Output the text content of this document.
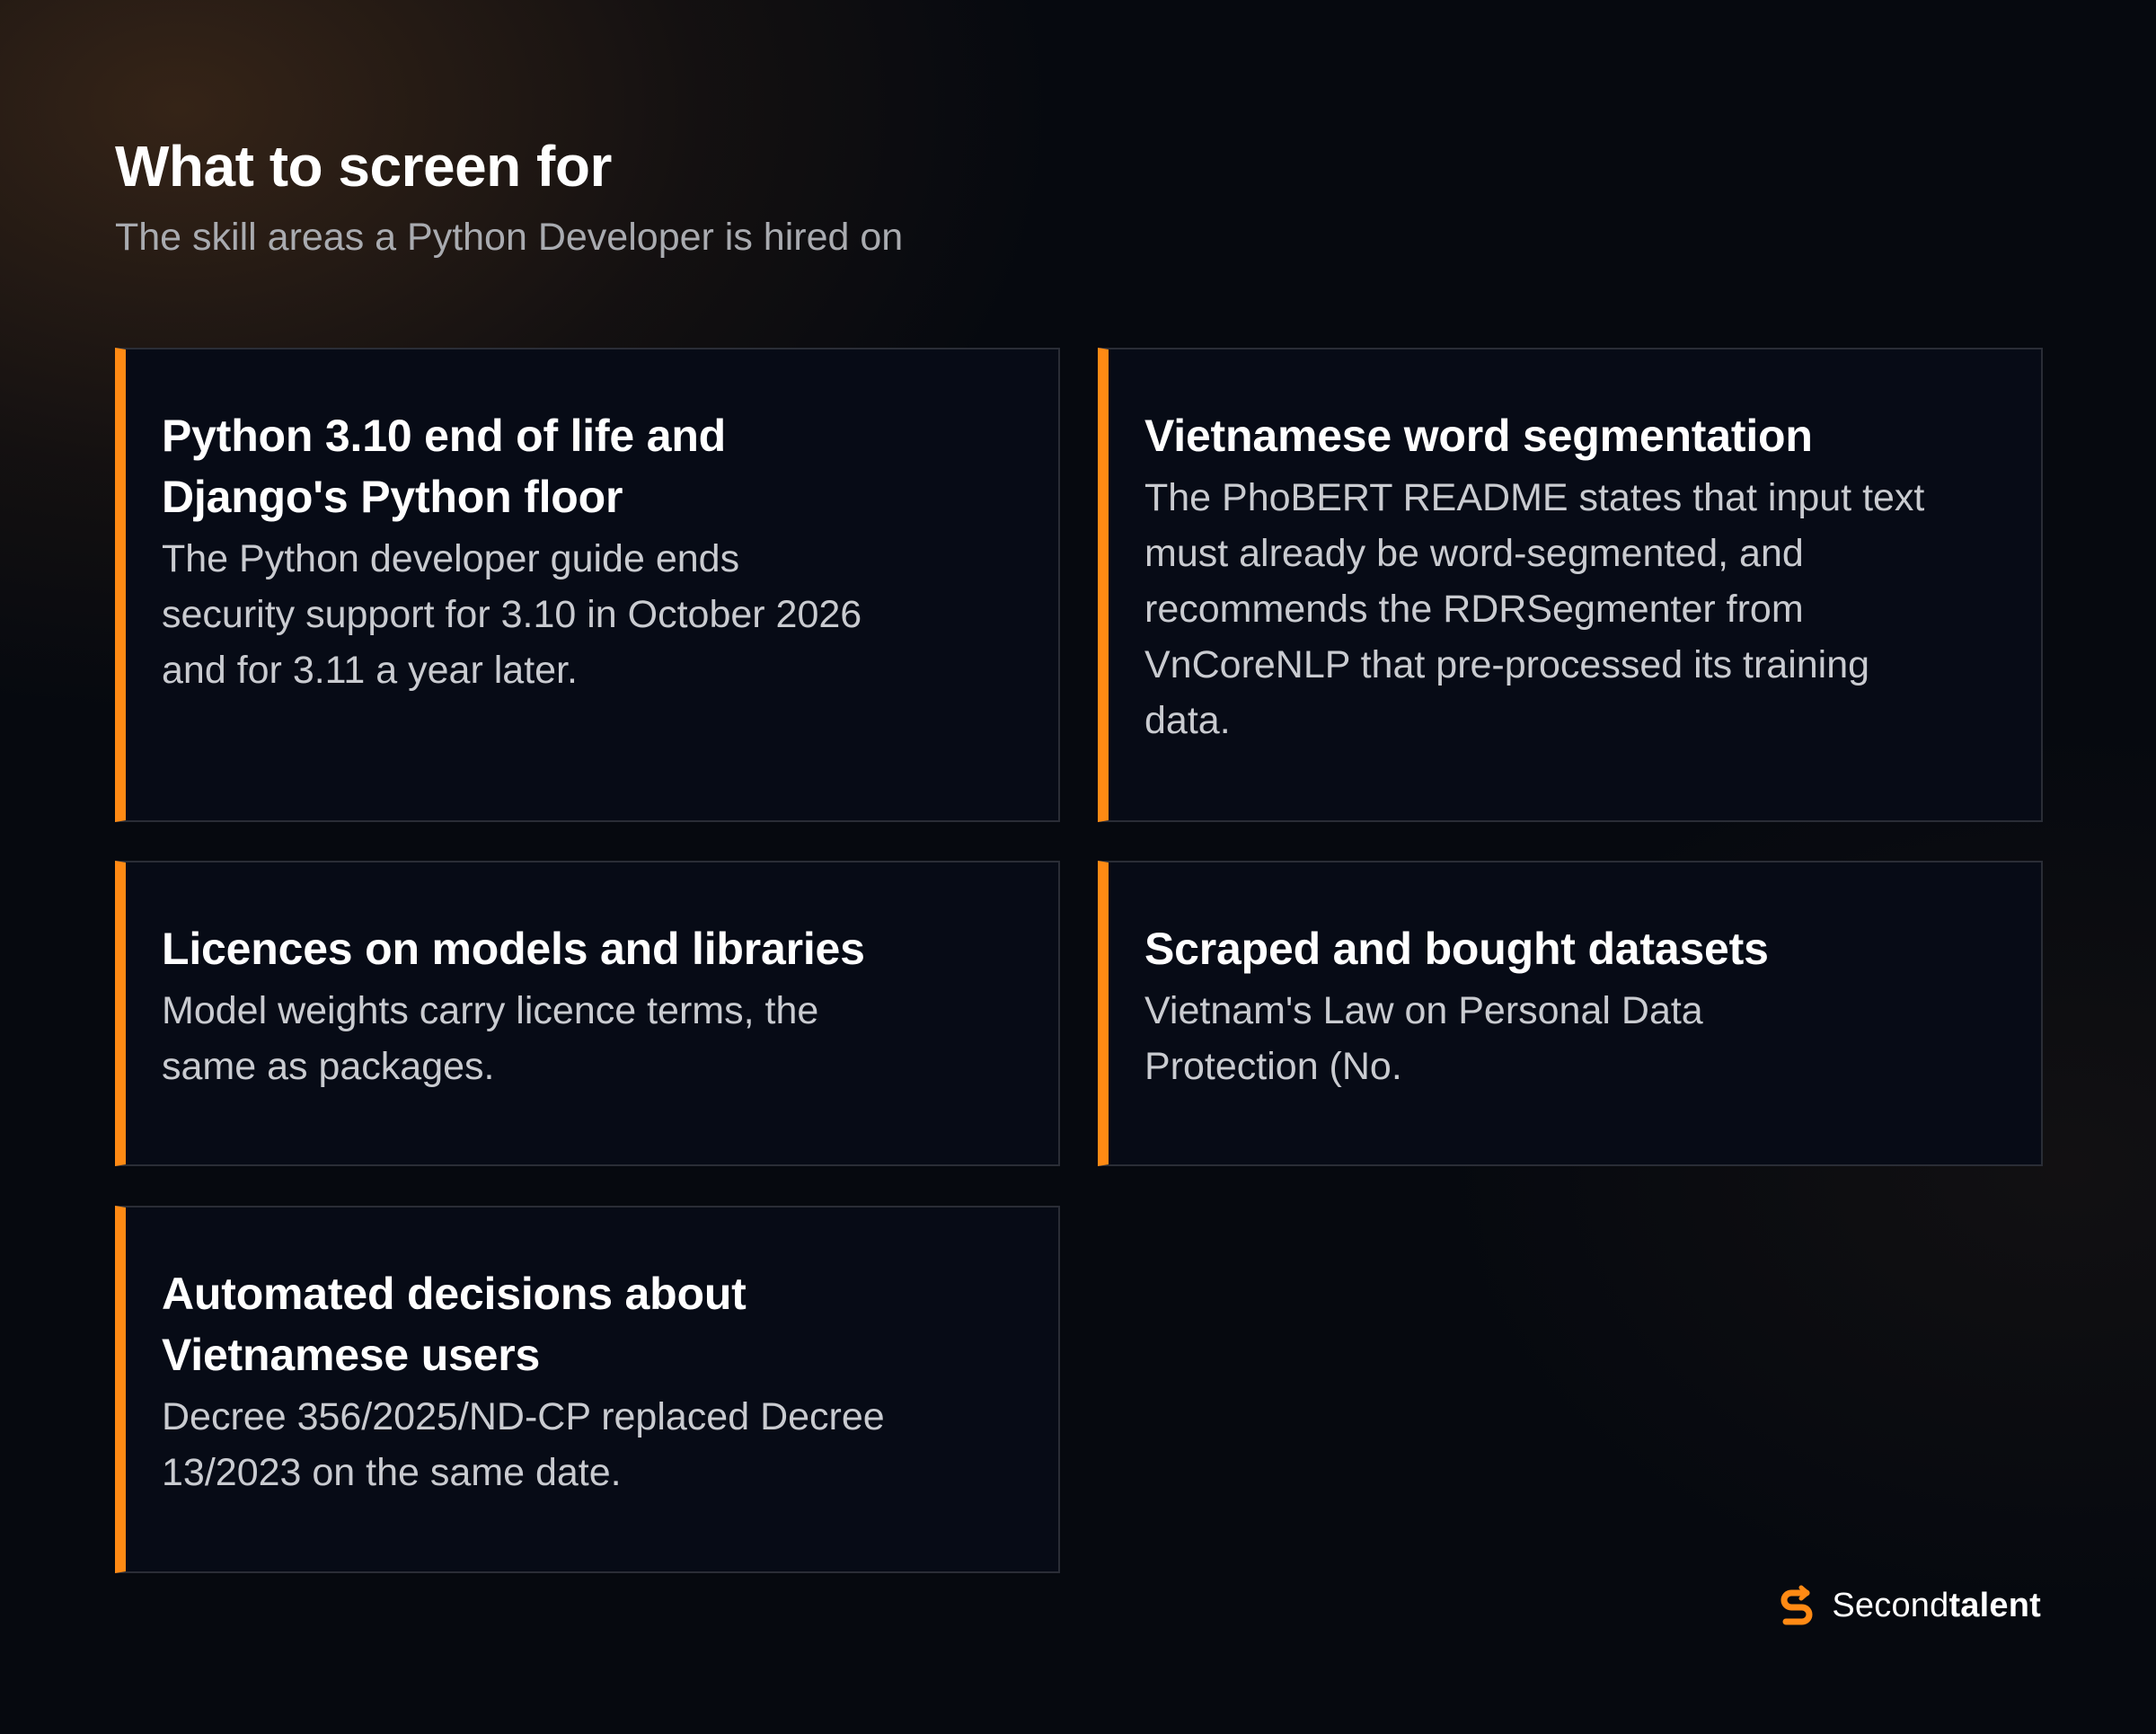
What to screen for

The skill areas a Python Developer is hired on

Python 3.10 end of life and Django's Python floor

The Python developer guide ends security support for 3.10 in October 2026 and for 3.11 a year later.

Vietnamese word segmentation

The PhoBERT README states that input text must already be word-segmented, and recommends the RDRSegmenter from VnCoreNLP that pre-processed its training data.

Licences on models and libraries

Model weights carry licence terms, the same as packages.

Scraped and bought datasets

Vietnam's Law on Personal Data Protection (No.

Automated decisions about Vietnamese users

Decree 356/2025/ND-CP replaced Decree 13/2023 on the same date.

Secondtalent
